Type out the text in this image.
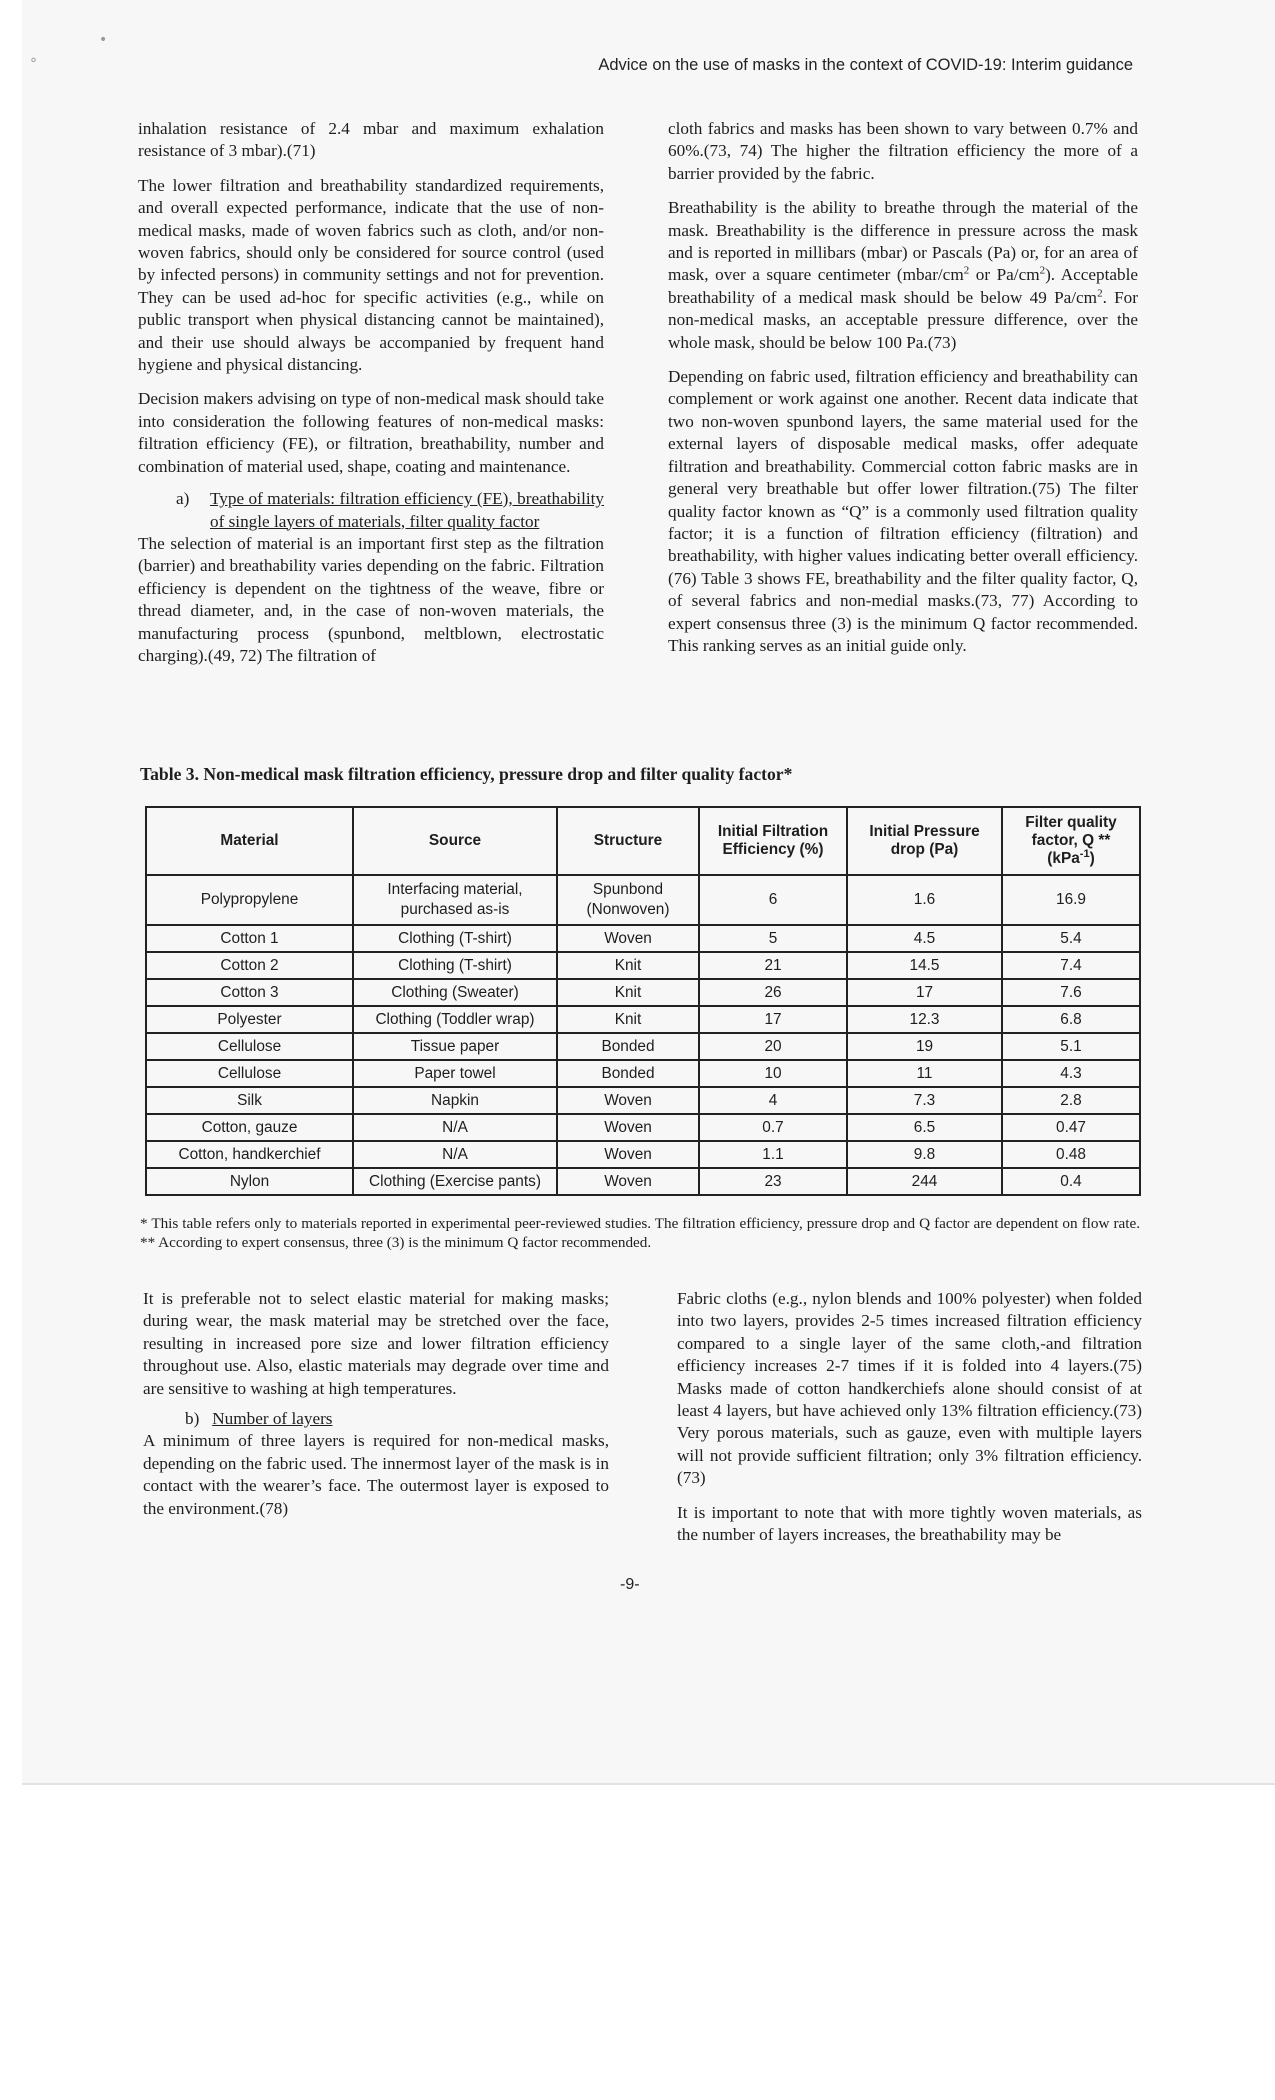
•
°	Advice on the use of masks in the context of COVID-19: Interim guidance

inhalation resistance of 2.4 mbar and maximum exhalation resistance of 3 mbar).(71)

The lower filtration and breathability standardized requirements, and overall expected performance, indicate that the use of non-medical masks, made of woven fabrics such as cloth, and/or non-woven fabrics, should only be considered for source control (used by infected persons) in community settings and not for prevention. They can be used ad-hoc for specific activities (e.g., while on public transport when physical distancing cannot be maintained), and their use should always be accompanied by frequent hand hygiene and physical distancing.

Decision makers advising on type of non-medical mask should take into consideration the following features of non-medical masks: filtration efficiency (FE), or filtration, breathability, number and combination of material used, shape, coating and maintenance.

a)	Type of materials: filtration efficiency (FE), breathability of single layers of materials, filter quality factor

The selection of material is an important first step as the filtration (barrier) and breathability varies depending on the fabric. Filtration efficiency is dependent on the tightness of the weave, fibre or thread diameter, and, in the case of non-woven materials, the manufacturing process (spunbond, meltblown, electrostatic charging).(49, 72) The filtration of

cloth fabrics and masks has been shown to vary between 0.7% and 60%.(73, 74) The higher the filtration efficiency the more of a barrier provided by the fabric.

Breathability is the ability to breathe through the material of the mask. Breathability is the difference in pressure across the mask and is reported in millibars (mbar) or Pascals (Pa) or, for an area of mask, over a square centimeter ($mbar/cm^2$ or $Pa/cm^2$). Acceptable breathability of a medical mask should be below 49 $Pa/cm^2$. For non-medical masks, an acceptable pressure difference, over the whole mask, should be below 100 Pa.(73)

Depending on fabric used, filtration efficiency and breathability can complement or work against one another. Recent data indicate that two non-woven spunbond layers, the same material used for the external layers of disposable medical masks, offer adequate filtration and breathability. Commercial cotton fabric masks are in general very breathable but offer lower filtration.(75) The filter quality factor known as “Q” is a commonly used filtration quality factor; it is a function of filtration efficiency (filtration) and breathability, with higher values indicating better overall efficiency.(76) Table 3 shows FE, breathability and the filter quality factor, Q, of several fabrics and non-medial masks.(73, 77) According to expert consensus three (3) is the minimum Q factor recommended. This ranking serves as an initial guide only.

Table 3. Non-medical mask filtration efficiency, pressure drop and filter quality factor*
Material	Source	Structure	Initial Filtration Efficiency (%)	Initial Pressure drop (Pa)	Filter quality factor, Q **
(kPa$^{-1}$)
Polypropylene	Interfacing material, purchased as-is	Spunbond (Nonwoven)	6	1.6	16.9
Cotton 1	Clothing (T-shirt)	Woven	5	4.5	5.4
Cotton 2	Clothing (T-shirt)	Knit	21	14.5	7.4
Cotton 3	Clothing (Sweater)	Knit	26	17	7.6
Polyester	Clothing (Toddler wrap)	Knit	17	12.3	6.8
Cellulose	Tissue paper	Bonded	20	19	5.1
Cellulose	Paper towel	Bonded	10	11	4.3
Silk	Napkin	Woven	4	7.3	2.8
Cotton, gauze	N/A	Woven	0.7	6.5	0.47
Cotton, handkerchief	N/A	Woven	1.1	9.8	0.48
Nylon	Clothing (Exercise pants)	Woven	23	244	0.4
* This table refers only to materials reported in experimental peer-reviewed studies. The filtration efficiency, pressure drop and Q factor are dependent on flow rate. ** According to expert consensus, three (3) is the minimum Q factor recommended.

It is preferable not to select elastic material for making masks; during wear, the mask material may be stretched over the face, resulting in increased pore size and lower filtration efficiency throughout use. Also, elastic materials may degrade over time and are sensitive to washing at high temperatures.

b) Number of layers

A minimum of three layers is required for non-medical masks, depending on the fabric used. The innermost layer of the mask is in contact with the wearer’s face. The outermost layer is exposed to the environment.(78)

Fabric cloths (e.g., nylon blends and 100% polyester) when folded into two layers, provides 2-5 times increased filtration efficiency compared to a single layer of the same cloth,-and filtration efficiency increases 2-7 times if it is folded into 4 layers.(75) Masks made of cotton handkerchiefs alone should consist of at least 4 layers, but have achieved only 13% filtration efficiency.(73) Very porous materials, such as gauze, even with multiple layers will not provide sufficient filtration; only 3% filtration efficiency. (73)

It is important to note that with more tightly woven materials, as the number of layers increases, the breathability may be

-9-
